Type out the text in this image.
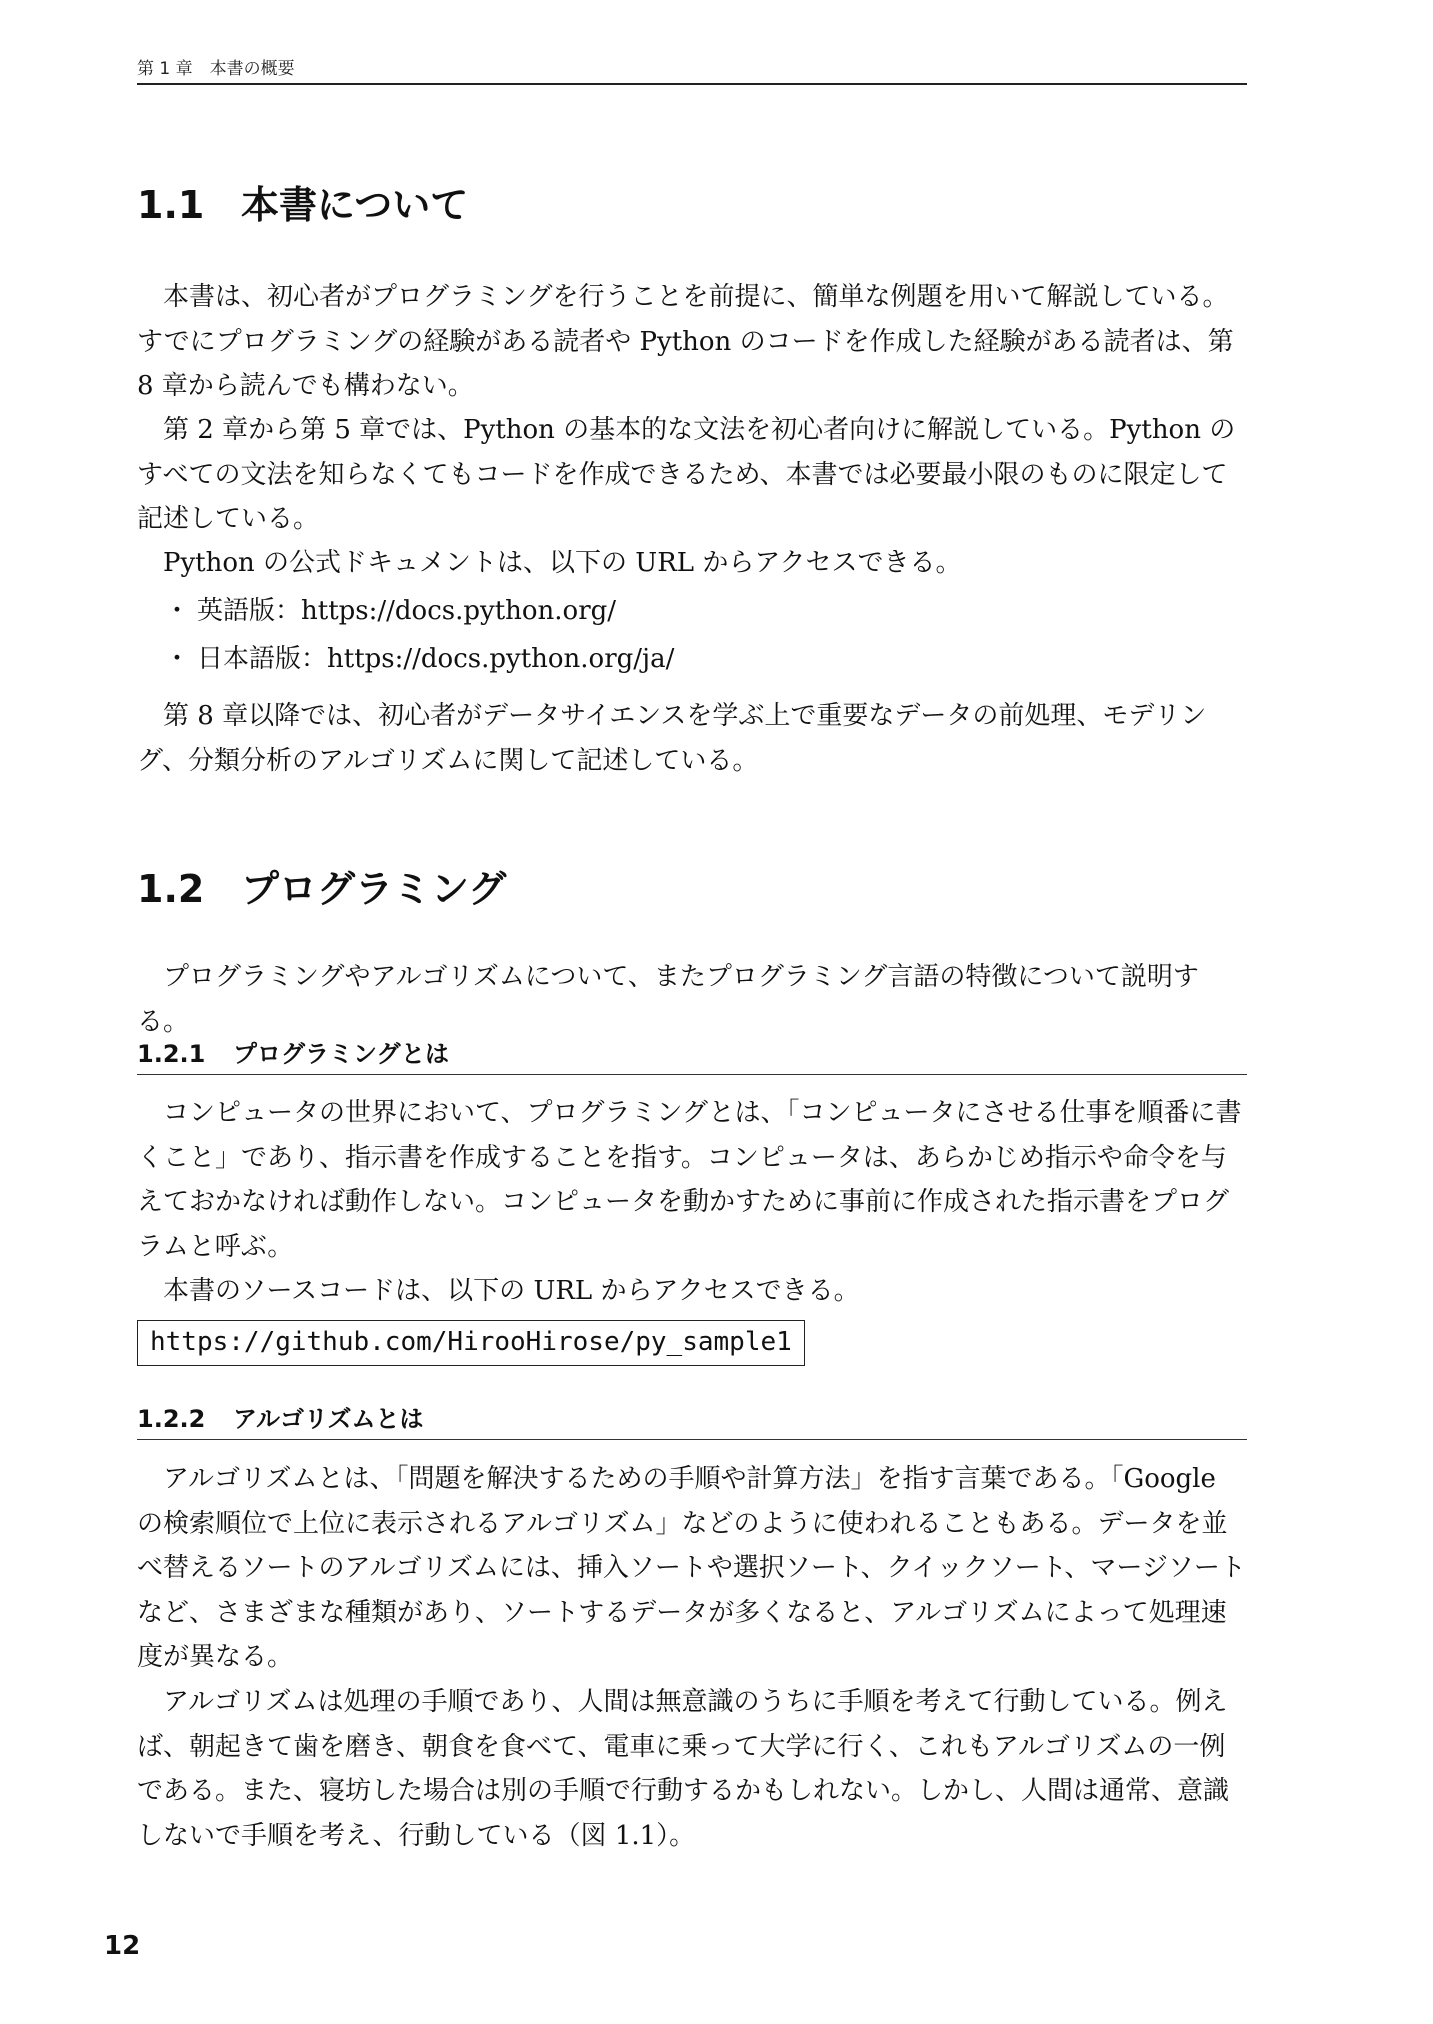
第 1 章　本書の概要
1.1 本書について

本書は、初心者がプログラミングを行うことを前提に、簡単な例題を用いて解説している。すでにプログラミングの経験がある読者や Python のコードを作成した経験がある読者は、第 8 章から読んでも構わない。

第 2 章から第 5 章では、Python の基本的な文法を初心者向けに解説している。Python のすべての文法を知らなくてもコードを作成できるため、本書では必要最小限のものに限定して記述している。

Python の公式ドキュメントは、以下の URL からアクセスできる。

・ 英語版：https://docs.python.org/
・ 日本語版：https://docs.python.org/ja/

第 8 章以降では、初心者がデータサイエンスを学ぶ上で重要なデータの前処理、モデリング、分類分析のアルゴリズムに関して記述している。

1.2 プログラミング

プログラミングやアルゴリズムについて、またプログラミング言語の特徴について説明する。

1.2.1 プログラミングとは

コンピュータの世界において、プログラミングとは、「コンピュータにさせる仕事を順番に書くこと」であり、指示書を作成することを指す。コンピュータは、あらかじめ指示や命令を与えておかなければ動作しない。コンピュータを動かすために事前に作成された指示書をプログラムと呼ぶ。

本書のソースコードは、以下の URL からアクセスできる。

https://github.com/HirooHirose/py_sample1
1.2.2 アルゴリズムとは

アルゴリズムとは、「問題を解決するための手順や計算方法」を指す言葉である。「Google の検索順位で上位に表示されるアルゴリズム」などのように使われることもある。データを並べ替えるソートのアルゴリズムには、挿入ソートや選択ソート、クイックソート、マージソートなど、さまざまな種類があり、ソートするデータが多くなると、アルゴリズムによって処理速度が異なる。

アルゴリズムは処理の手順であり、人間は無意識のうちに手順を考えて行動している。例えば、朝起きて歯を磨き、朝食を食べて、電車に乗って大学に行く、これもアルゴリズムの一例である。また、寝坊した場合は別の手順で行動するかもしれない。しかし、人間は通常、意識しないで手順を考え、行動している（図 1.1）。

12
